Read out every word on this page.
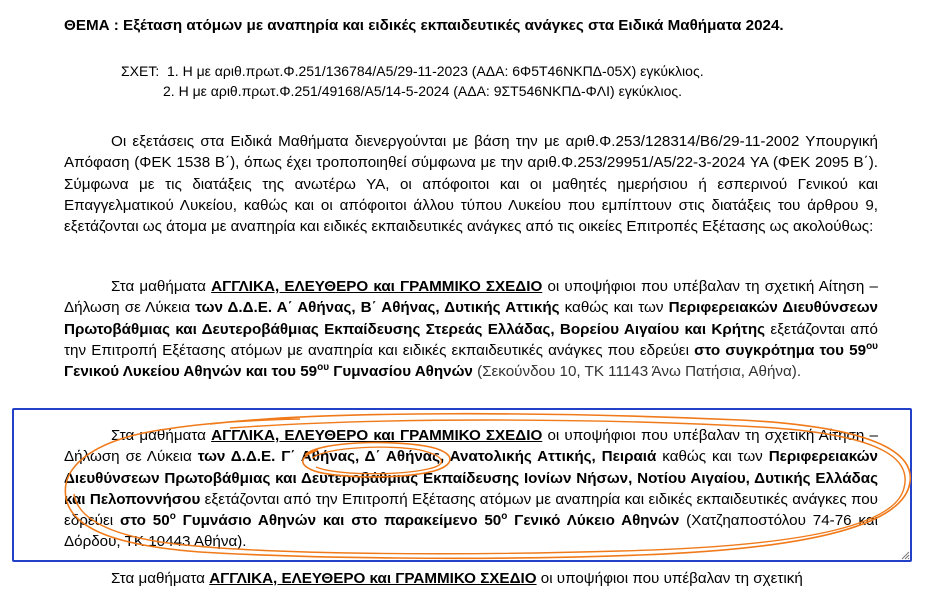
ΘΕΜΑ : Εξέταση ατόμων με αναπηρία και ειδικές εκπαιδευτικές ανάγκες στα Ειδικά Μαθήματα 2024.
ΣΧΕΤ: 1. Η με αριθ.πρωτ.Φ.251/136784/Α5/29-11-2023 (ΑΔΑ: 6Φ5Τ46ΝΚΠΔ-05Χ) εγκύκλιος.
2. Η με αριθ.πρωτ.Φ.251/49168/Α5/14-5-2024 (ΑΔΑ: 9ΣΤ546ΝΚΠΔ-ΦΛΙ) εγκύκλιος.
Οι εξετάσεις στα Ειδικά Μαθήματα διενεργούνται με βάση την με αριθ.Φ.253/128314/Β6/29-11-2002 Υπουργική Απόφαση (ΦΕΚ 1538 Β΄), όπως έχει τροποποιηθεί σύμφωνα με την αριθ.Φ.253/29951/Α5/22-3-2024 ΥΑ (ΦΕΚ 2095 Β΄). Σύμφωνα με τις διατάξεις της ανωτέρω ΥΑ, οι απόφοιτοι και οι μαθητές ημερήσιου ή εσπερινού Γενικού και Επαγγελματικού Λυκείου, καθώς και οι απόφοιτοι άλλου τύπου Λυκείου που εμπίπτουν στις διατάξεις του άρθρου 9, εξετάζονται ως άτομα με αναπηρία και ειδικές εκπαιδευτικές ανάγκες από τις οικείες Επιτροπές Εξέτασης ως ακολούθως:
Στα μαθήματα ΑΓΓΛΙΚΑ, ΕΛΕΥΘΕΡΟ και ΓΡΑΜΜΙΚΟ ΣΧΕΔΙΟ οι υποψήφιοι που υπέβαλαν τη σχετική Αίτηση – Δήλωση σε Λύκεια των Δ.Δ.Ε. Α΄ Αθήνας, Β΄ Αθήνας, Δυτικής Αττικής καθώς και των Περιφερειακών Διευθύνσεων Πρωτοβάθμιας και Δευτεροβάθμιας Εκπαίδευσης Στερεάς Ελλάδας, Βορείου Αιγαίου και Κρήτης εξετάζονται από την Επιτροπή Εξέτασης ατόμων με αναπηρία και ειδικές εκπαιδευτικές ανάγκες που εδρεύει στο συγκρότημα του $59^{o\upsilon}$ Γενικού Λυκείου Αθηνών και του $59^{o\upsilon}$ Γυμνασίου Αθηνών (Σεκούνδου 10, ΤΚ 11143 Άνω Πατήσια, Αθήνα).
Στα μαθήματα ΑΓΓΛΙΚΑ, ΕΛΕΥΘΕΡΟ και ΓΡΑΜΜΙΚΟ ΣΧΕΔΙΟ οι υποψήφιοι που υπέβαλαν τη σχετική Αίτηση – Δήλωση σε Λύκεια των Δ.Δ.Ε. Γ΄ Αθήνας, Δ΄ Αθήνας, Ανατολικής Αττικής, Πειραιά καθώς και των Περιφερειακών Διευθύνσεων Πρωτοβάθμιας και Δευτεροβάθμιας Εκπαίδευσης Ιονίων Νήσων, Νοτίου Αιγαίου, Δυτικής Ελλάδας και Πελοποννήσου εξετάζονται από την Επιτροπή Εξέτασης ατόμων με αναπηρία και ειδικές εκπαιδευτικές ανάγκες που εδρεύει στο $50^o$ Γυμνάσιο Αθηνών και στο παρακείμενο $50^o$ Γενικό Λύκειο Αθηνών (Χατζηαποστόλου 74-76 και Δόρδου, ΤΚ 10443 Αθήνα).
Στα μαθήματα ΑΓΓΛΙΚΑ, ΕΛΕΥΘΕΡΟ και ΓΡΑΜΜΙΚΟ ΣΧΕΔΙΟ οι υποψήφιοι που υπέβαλαν τη σχετική
